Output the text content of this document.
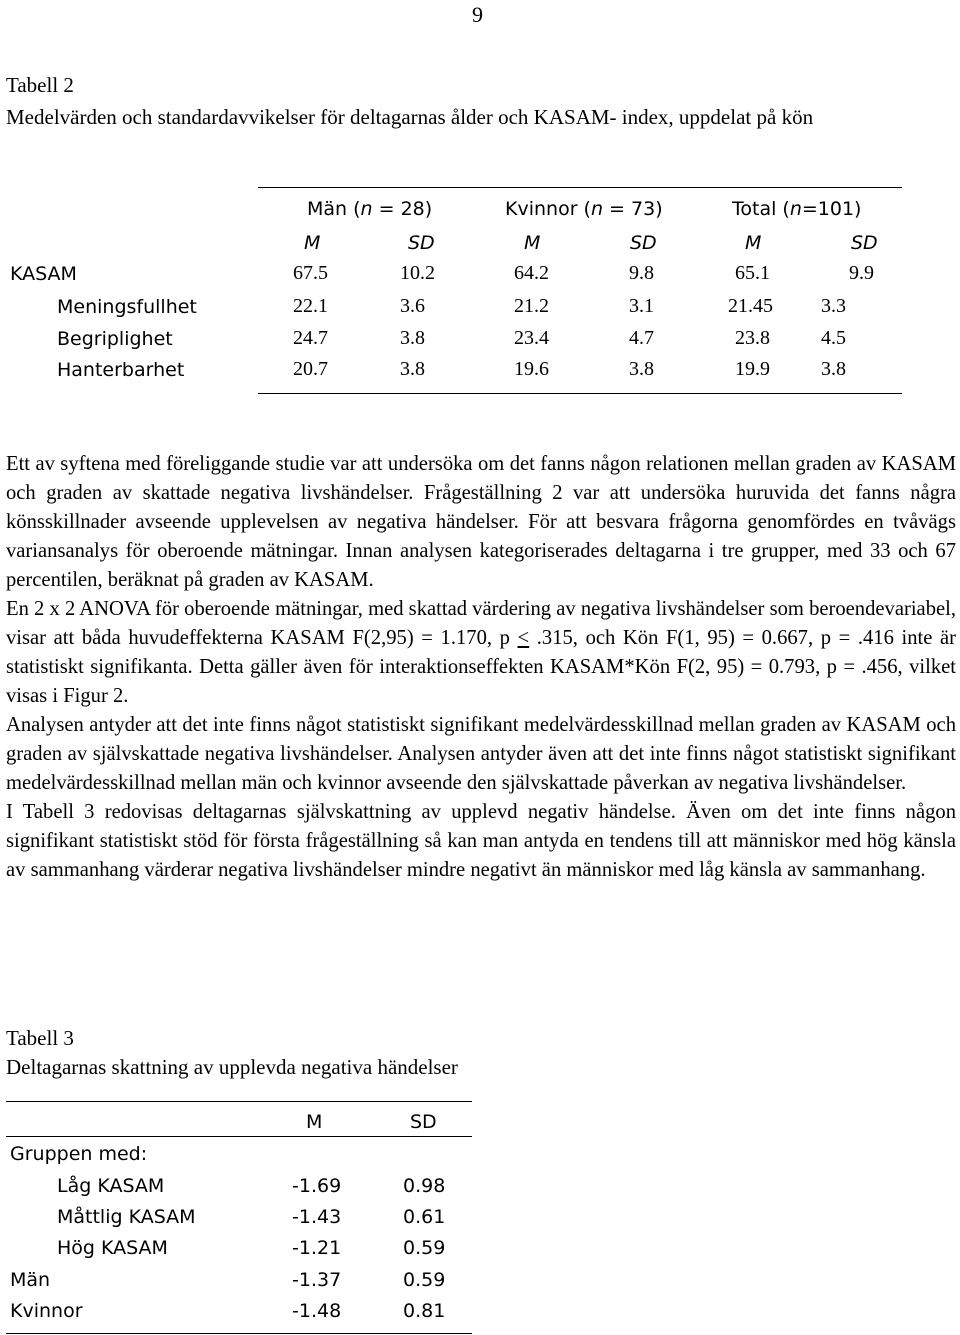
9
Tabell 2
Medelvärden och standardavvikelser för deltagarnas ålder och KASAM- index, uppdelat på kön
Män (n = 28)	Kvinnor (n = 73)	Total (n=101)
M	SD	M	SD	M	SD
KASAM	67.5	10.2	64.2	9.8	65.1	9.9
Meningsfullhet	22.1	3.6	21.2	3.1	21.45 3.3
Begriplighet	24.7	3.8	23.4	4.7	23.8	4.5
Hanterbarhet	20.7	3.8	19.6	3.8	19.9	3.8

Ett av syftena med föreliggande studie var att undersöka om det fanns någon relationen mellan graden av KASAM och graden av skattade negativa livshändelser. Frågeställning 2 var att undersöka huruvida det fanns några könsskillnader avseende upplevelsen av negativa händelser. För att besvara frågorna genomfördes en tvåvägs variansanalys för oberoende mätningar. Innan analysen kategoriserades deltagarna i tre grupper, med 33 och 67 percentilen, beräknat på graden av KASAM.

En 2 x 2 ANOVA för oberoende mätningar, med skattad värdering av negativa livshändelser som beroendevariabel, visar att båda huvudeffekterna KASAM F(2,95) = 1.170, p < .315, och Kön F(1, 95) = 0.667, p = .416 inte är statistiskt signifikanta. Detta gäller även för interaktionseffekten KASAM*Kön F(2, 95) = 0.793, p = .456, vilket visas i Figur 2.

Analysen antyder att det inte finns något statistiskt signifikant medelvärdesskillnad mellan graden av KASAM och graden av självskattade negativa livshändelser. Analysen antyder även att det inte finns något statistiskt signifikant medelvärdesskillnad mellan män och kvinnor avseende den självskattade påverkan av negativa livshändelser.

I Tabell 3 redovisas deltagarnas självskattning av upplevd negativ händelse. Även om det inte finns någon signifikant statistiskt stöd för första frågeställning så kan man antyda en tendens till att människor med hög känsla av sammanhang värderar negativa livshändelser mindre negativt än människor med låg känsla av sammanhang.

Tabell 3
Deltagarnas skattning av upplevda negativa händelser
M	SD
Gruppen med:
Låg KASAM	-1.69	0.98
Måttlig KASAM	-1.43	0.61
Hög KASAM	-1.21	0.59
Män	-1.37	0.59
Kvinnor	-1.48	0.81
